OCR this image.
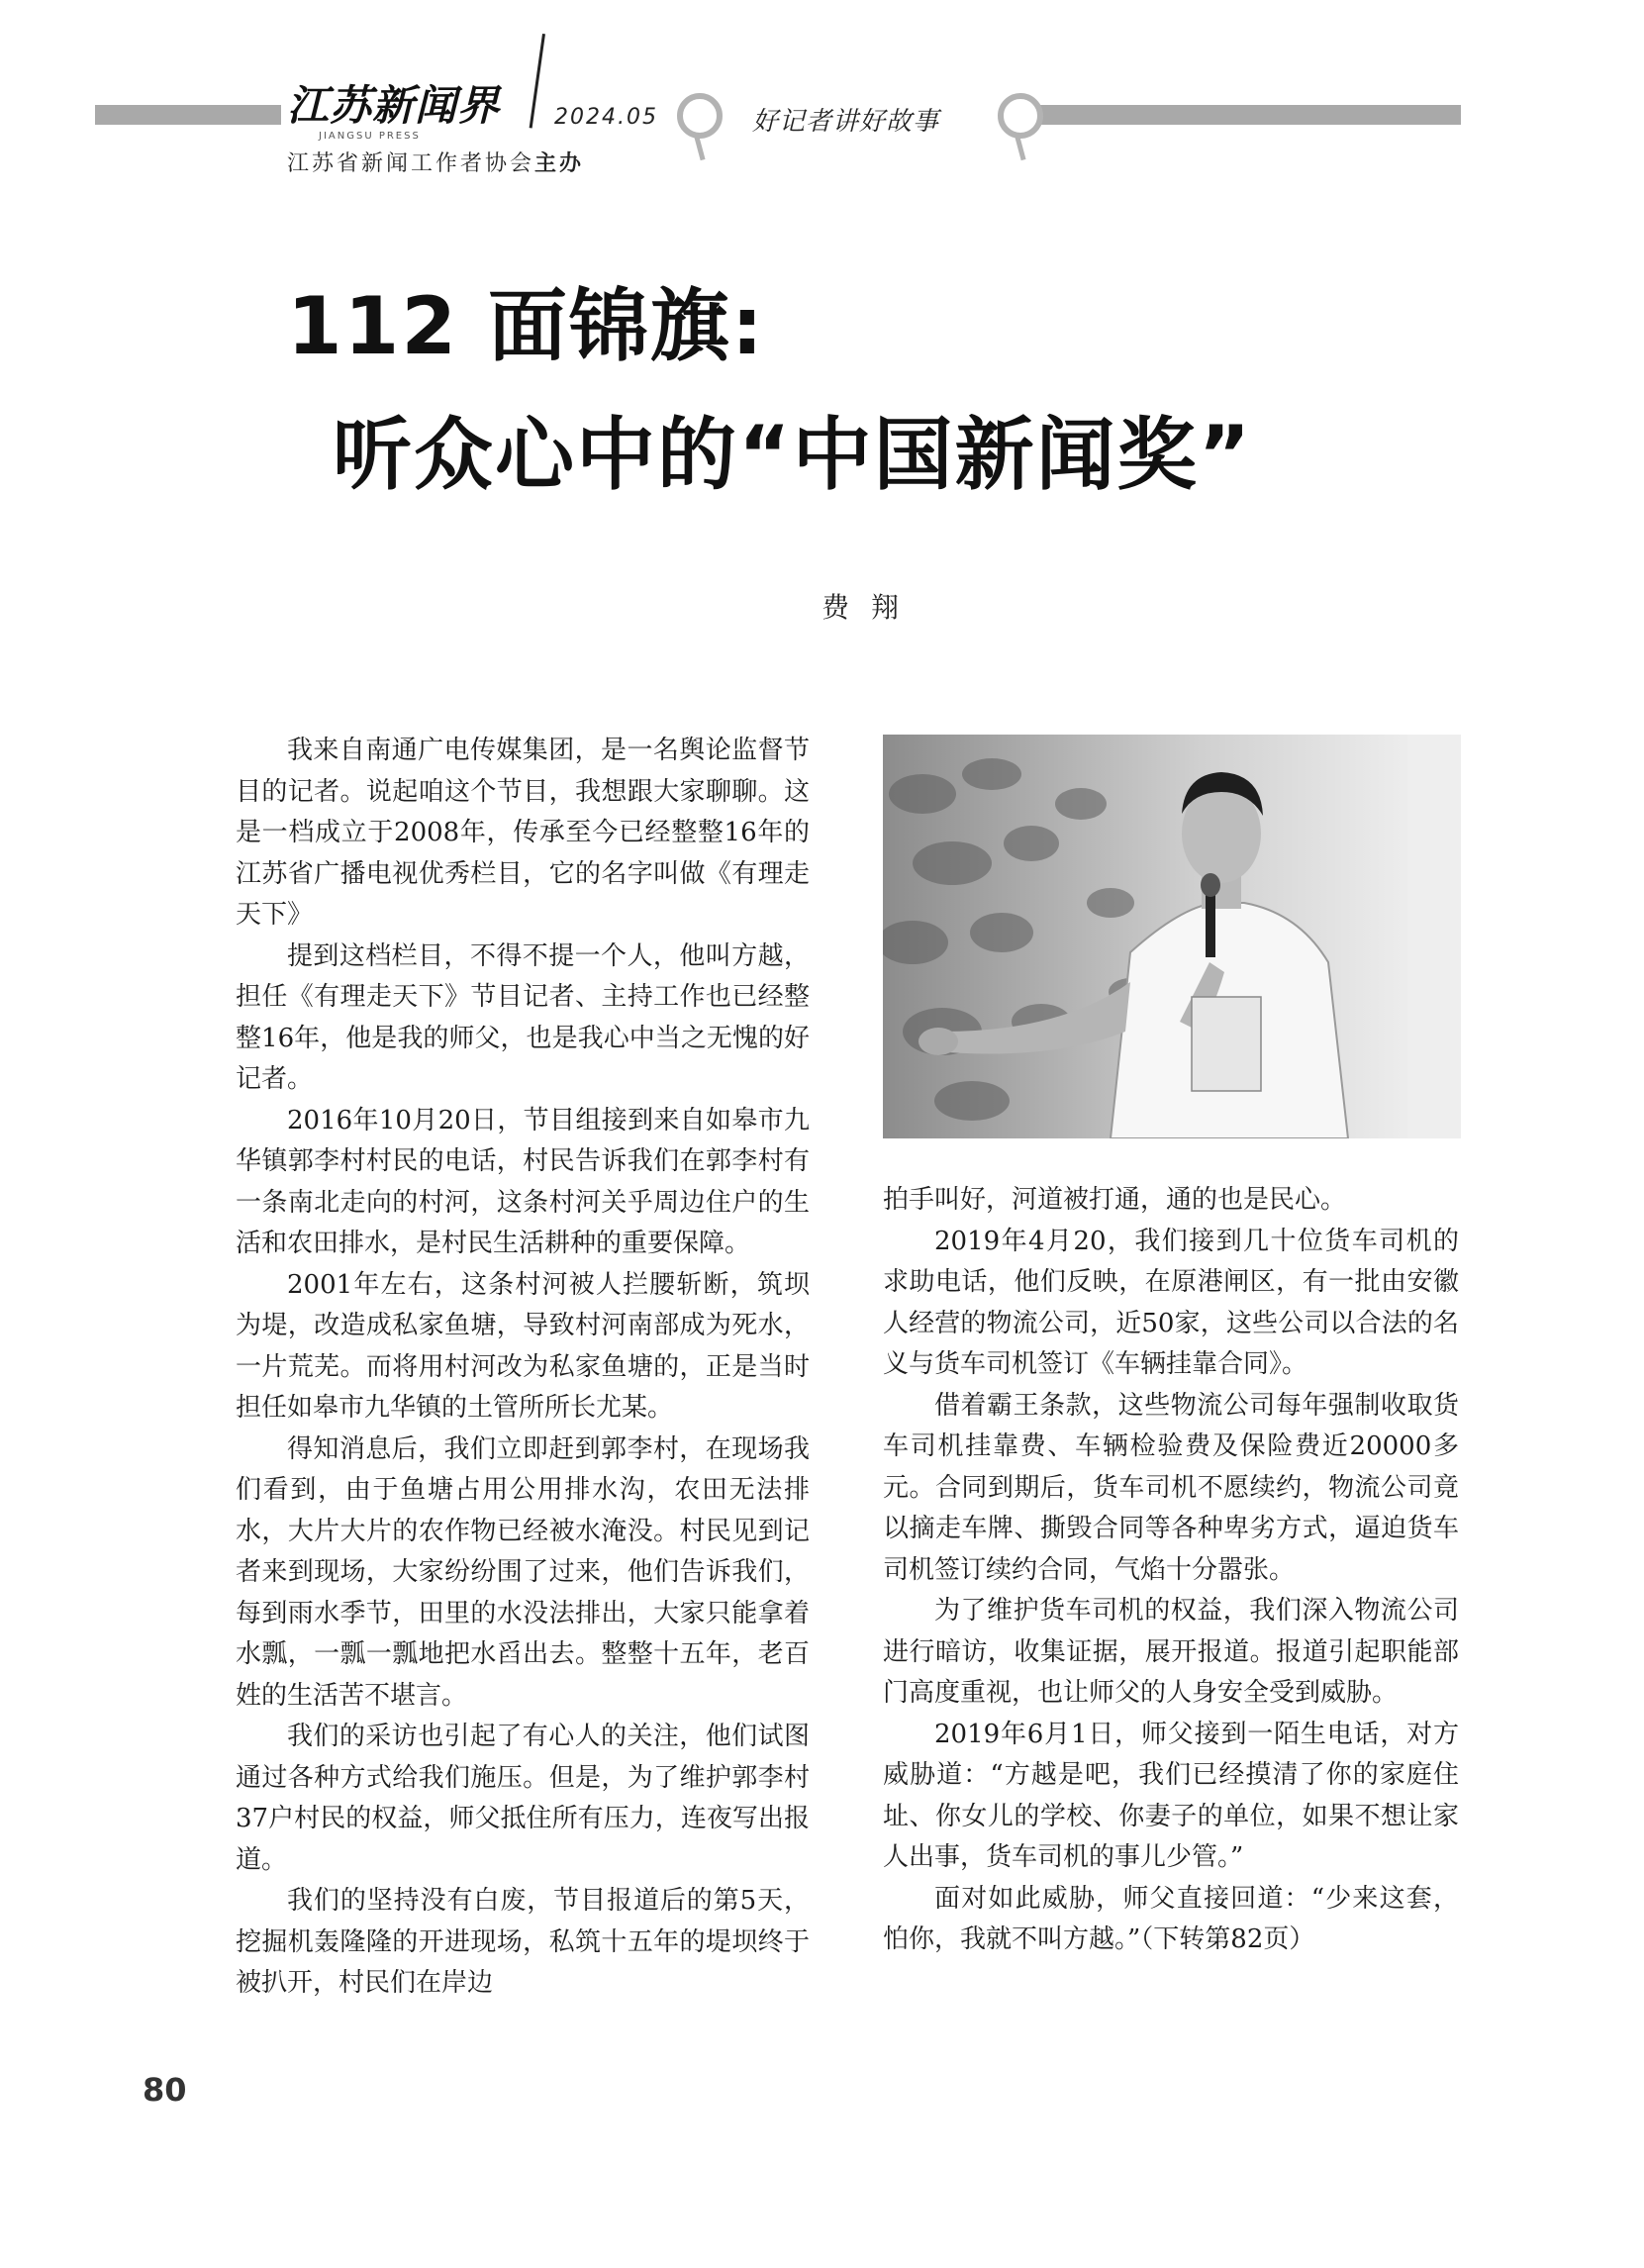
江苏新闻界
JIANGSU PRESS
2024.05
江苏省新闻工作者协会主办
好记者讲好故事
112 面锦旗:
听众心中的“中国新闻奖”
费翔

我来自南通广电传媒集团，是一名舆论监督节目的记者。说起咱这个节目，我想跟大家聊聊。这是一档成立于2008年，传承至今已经整整16年的江苏省广播电视优秀栏目，它的名字叫做《有理走天下》

提到这档栏目，不得不提一个人，他叫方越，担任《有理走天下》节目记者、主持工作也已经整整16年，他是我的师父，也是我心中当之无愧的好记者。

2016年10月20日，节目组接到来自如皋市九华镇郭李村村民的电话，村民告诉我们在郭李村有一条南北走向的村河，这条村河关乎周边住户的生活和农田排水，是村民生活耕种的重要保障。

2001年左右，这条村河被人拦腰斩断，筑坝为堤，改造成私家鱼塘，导致村河南部成为死水，一片荒芜。而将用村河改为私家鱼塘的，正是当时担任如皋市九华镇的土管所所长尤某。

得知消息后，我们立即赶到郭李村，在现场我们看到，由于鱼塘占用公用排水沟，农田无法排水，大片大片的农作物已经被水淹没。村民见到记者来到现场，大家纷纷围了过来，他们告诉我们，每到雨水季节，田里的水没法排出，大家只能拿着水瓢，一瓢一瓢地把水舀出去。整整十五年，老百姓的生活苦不堪言。

我们的采访也引起了有心人的关注，他们试图通过各种方式给我们施压。但是，为了维护郭李村37户村民的权益，师父抵住所有压力，连夜写出报道。

我们的坚持没有白废，节目报道后的第5天，挖掘机轰隆隆的开进现场，私筑十五年的堤坝终于被扒开，村民们在岸边

拍手叫好，河道被打通，通的也是民心。

2019年4月20，我们接到几十位货车司机的求助电话，他们反映，在原港闸区，有一批由安徽人经营的物流公司，近50家，这些公司以合法的名义与货车司机签订《车辆挂靠合同》。

借着霸王条款，这些物流公司每年强制收取货车司机挂靠费、车辆检验费及保险费近20000多元。合同到期后，货车司机不愿续约，物流公司竟以摘走车牌、撕毁合同等各种卑劣方式，逼迫货车司机签订续约合同，气焰十分嚣张。

为了维护货车司机的权益，我们深入物流公司进行暗访，收集证据，展开报道。报道引起职能部门高度重视，也让师父的人身安全受到威胁。

2019年6月1日，师父接到一陌生电话，对方威胁道：“方越是吧，我们已经摸清了你的家庭住址、你女儿的学校、你妻子的单位，如果不想让家人出事，货车司机的事儿少管。”

面对如此威胁，师父直接回道：“少来这套，怕你，我就不叫方越。”（下转第82页）

80
